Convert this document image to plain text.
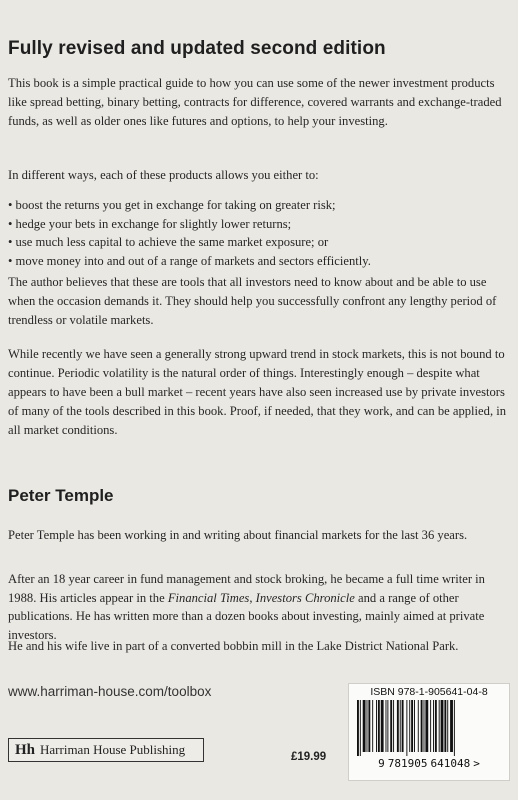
Fully revised and updated second edition

This book is a simple practical guide to how you can use some of the newer investment products like spread betting, binary betting, contracts for difference, covered warrants and exchange-traded funds, as well as older ones like futures and options, to help your investing.

In different ways, each of these products allows you either to:

• boost the returns you get in exchange for taking on greater risk;
• hedge your bets in exchange for slightly lower returns;
• use much less capital to achieve the same market exposure; or
• move money into and out of a range of markets and sectors efficiently.

The author believes that these are tools that all investors need to know about and be able to use when the occasion demands it. They should help you successfully confront any lengthy period of trendless or volatile markets.

While recently we have seen a generally strong upward trend in stock markets, this is not bound to continue. Periodic volatility is the natural order of things. Interestingly enough – despite what appears to have been a bull market – recent years have also seen increased use by private investors of many of the tools described in this book. Proof, if needed, that they work, and can be applied, in all market conditions.

Peter Temple

Peter Temple has been working in and writing about financial markets for the last 36 years.

After an 18 year career in fund management and stock broking, he became a full time writer in 1988. His articles appear in the Financial Times, Investors Chronicle and a range of other publications. He has written more than a dozen books about investing, mainly aimed at private investors.

He and his wife live in part of a converted bobbin mill in the Lake District National Park.

www.harriman-house.com/toolbox
Hh Harriman House Publishing	£19.99
ISBN 978-1-905641-04-8
9 781905 641048 >
